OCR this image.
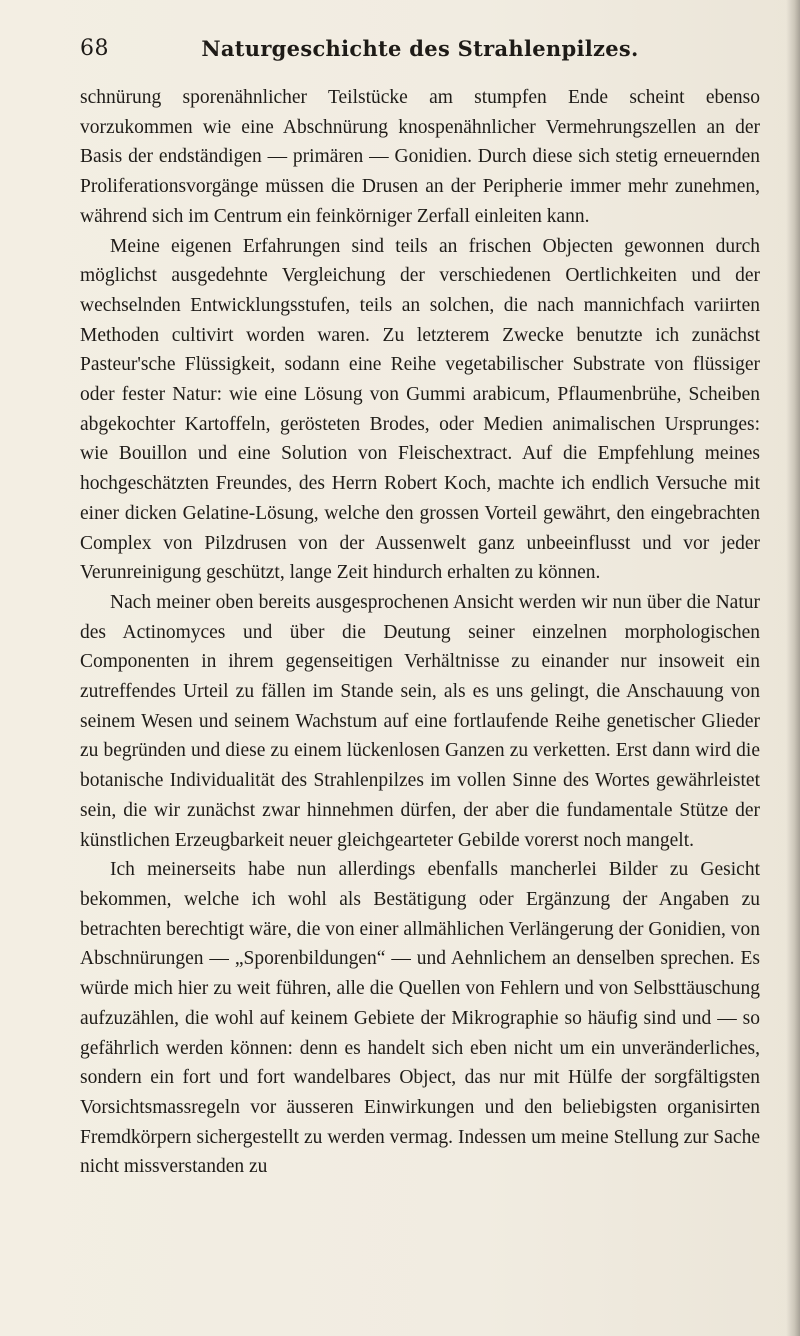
68	Naturgeschichte des Strahlenpilzes.

schnürung sporenähnlicher Teilstücke am stumpfen Ende scheint ebenso vorzukommen wie eine Abschnürung knospenähnlicher Vermehrungszellen an der Basis der endständigen — primären — Gonidien. Durch diese sich stetig erneuernden Proliferationsvorgänge müssen die Drusen an der Peripherie immer mehr zunehmen, während sich im Centrum ein feinkörniger Zerfall einleiten kann.

Meine eigenen Erfahrungen sind teils an frischen Objecten gewonnen durch möglichst ausgedehnte Vergleichung der verschiedenen Oertlichkeiten und der wechselnden Entwicklungsstufen, teils an solchen, die nach mannichfach variirten Methoden cultivirt worden waren. Zu letzterem Zwecke benutzte ich zunächst Pasteur'sche Flüssigkeit, sodann eine Reihe vegetabilischer Substrate von flüssiger oder fester Natur: wie eine Lösung von Gummi arabicum, Pflaumenbrühe, Scheiben abgekochter Kartoffeln, gerösteten Brodes, oder Medien animalischen Ursprunges: wie Bouillon und eine Solution von Fleischextract. Auf die Empfehlung meines hochgeschätzten Freundes, des Herrn Robert Koch, machte ich endlich Versuche mit einer dicken Gelatine-Lösung, welche den grossen Vorteil gewährt, den eingebrachten Complex von Pilzdrusen von der Aussenwelt ganz unbeeinflusst und vor jeder Verunreinigung geschützt, lange Zeit hindurch erhalten zu können.

Nach meiner oben bereits ausgesprochenen Ansicht werden wir nun über die Natur des Actinomyces und über die Deutung seiner einzelnen morphologischen Componenten in ihrem gegenseitigen Verhältnisse zu einander nur insoweit ein zutreffendes Urteil zu fällen im Stande sein, als es uns gelingt, die Anschauung von seinem Wesen und seinem Wachstum auf eine fortlaufende Reihe genetischer Glieder zu begründen und diese zu einem lückenlosen Ganzen zu verketten. Erst dann wird die botanische Individualität des Strahlenpilzes im vollen Sinne des Wortes gewährleistet sein, die wir zunächst zwar hinnehmen dürfen, der aber die fundamentale Stütze der künstlichen Erzeugbarkeit neuer gleichgearteter Gebilde vorerst noch mangelt.

Ich meinerseits habe nun allerdings ebenfalls mancherlei Bilder zu Gesicht bekommen, welche ich wohl als Bestätigung oder Ergänzung der Angaben zu betrachten berechtigt wäre, die von einer allmählichen Verlängerung der Gonidien, von Abschnürungen — „Sporenbildungen“ — und Aehnlichem an denselben sprechen. Es würde mich hier zu weit führen, alle die Quellen von Fehlern und von Selbsttäuschung aufzuzählen, die wohl auf keinem Gebiete der Mikrographie so häufig sind und — so gefährlich werden können: denn es handelt sich eben nicht um ein unveränderliches, sondern ein fort und fort wandelbares Object, das nur mit Hülfe der sorgfältigsten Vorsichtsmassregeln vor äusseren Einwirkungen und den beliebigsten organisirten Fremdkörpern sichergestellt zu werden vermag. Indessen um meine Stellung zur Sache nicht missverstanden zu
